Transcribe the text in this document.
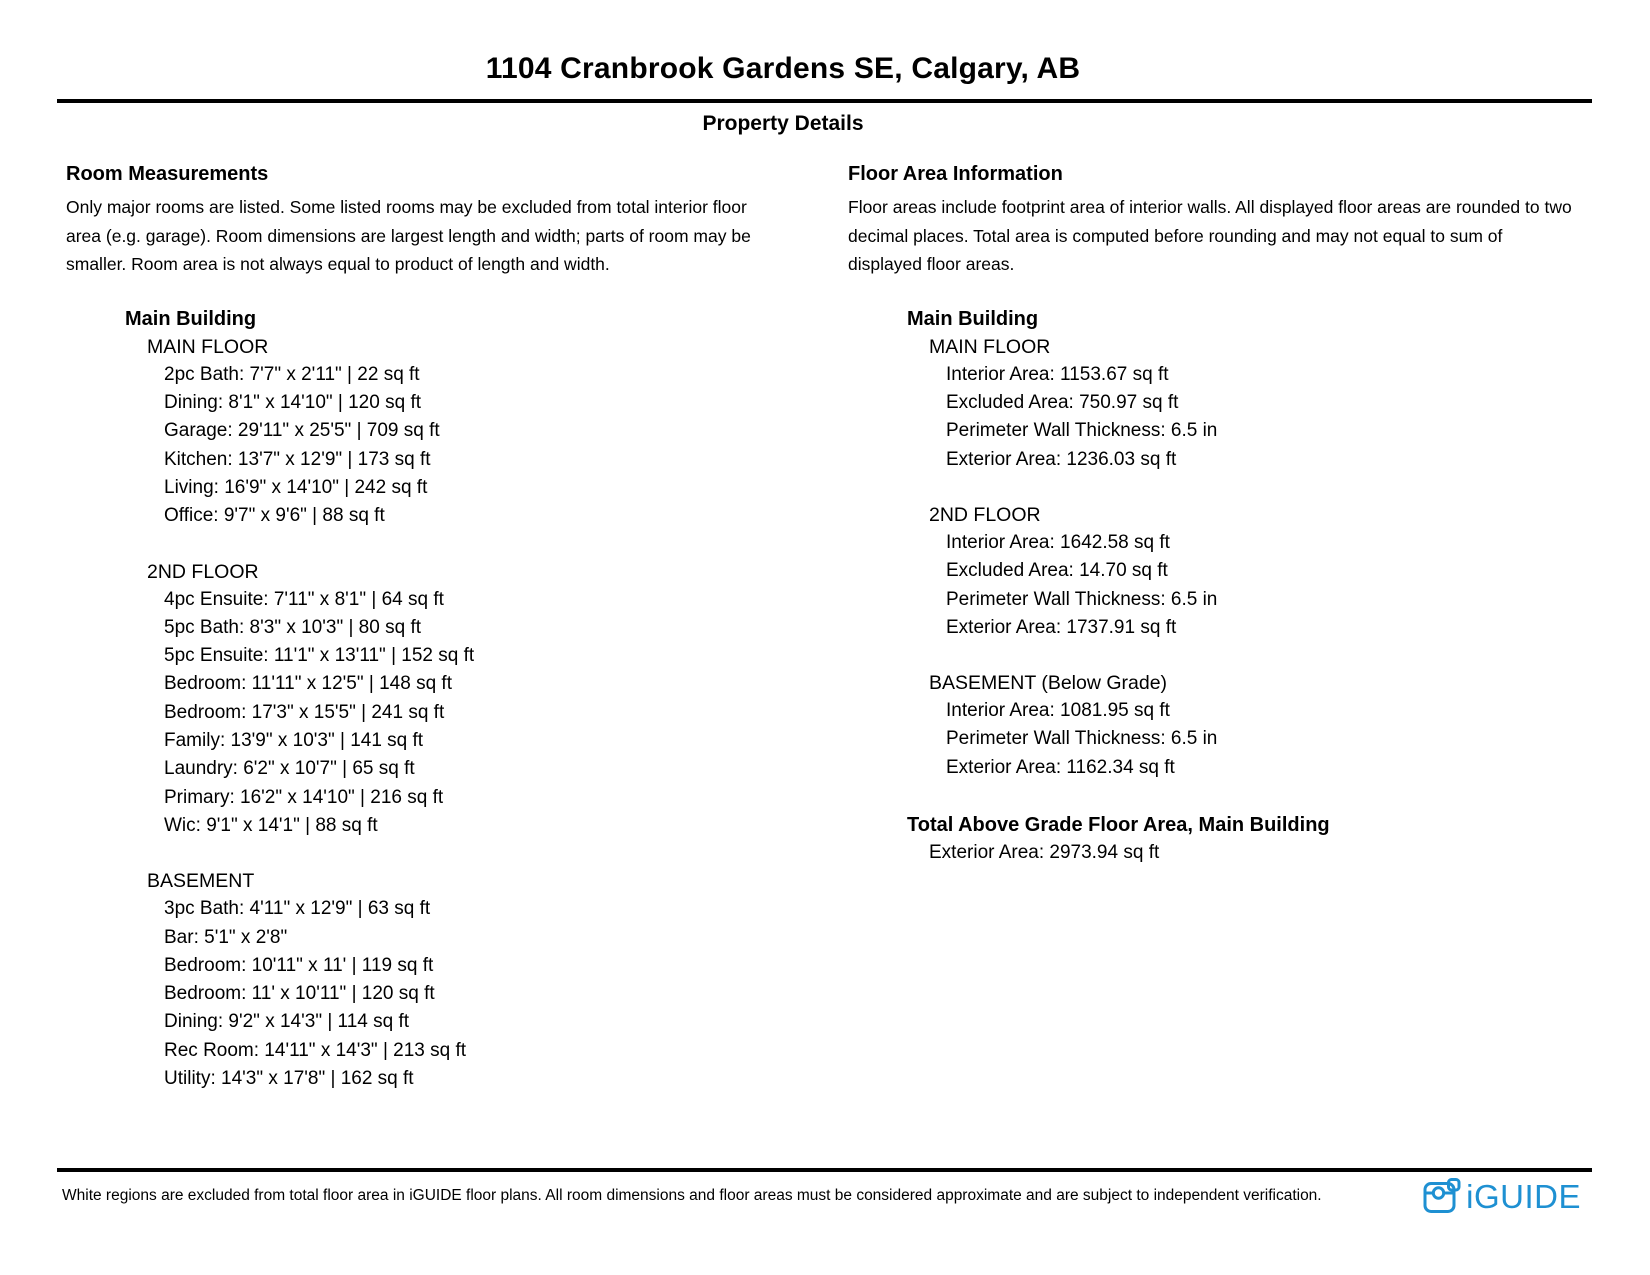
1104 Cranbrook Gardens SE, Calgary, AB
Property Details
Room Measurements

Only major rooms are listed. Some listed rooms may be excluded from total interior floor area (e.g. garage). Room dimensions are largest length and width; parts of room may be smaller. Room area is not always equal to product of length and width.

Main Building
MAIN FLOOR
2pc Bath: 7'7" x 2'11" | 22 sq ft
Dining: 8'1" x 14'10" | 120 sq ft
Garage: 29'11" x 25'5" | 709 sq ft
Kitchen: 13'7" x 12'9" | 173 sq ft
Living: 16'9" x 14'10" | 242 sq ft
Office: 9'7" x 9'6" | 88 sq ft
2ND FLOOR
4pc Ensuite: 7'11" x 8'1" | 64 sq ft
5pc Bath: 8'3" x 10'3" | 80 sq ft
5pc Ensuite: 11'1" x 13'11" | 152 sq ft
Bedroom: 11'11" x 12'5" | 148 sq ft
Bedroom: 17'3" x 15'5" | 241 sq ft
Family: 13'9" x 10'3" | 141 sq ft
Laundry: 6'2" x 10'7" | 65 sq ft
Primary: 16'2" x 14'10" | 216 sq ft
Wic: 9'1" x 14'1" | 88 sq ft
BASEMENT
3pc Bath: 4'11" x 12'9" | 63 sq ft
Bar: 5'1" x 2'8"
Bedroom: 10'11" x 11' | 119 sq ft
Bedroom: 11' x 10'11" | 120 sq ft
Dining: 9'2" x 14'3" | 114 sq ft
Rec Room: 14'11" x 14'3" | 213 sq ft
Utility: 14'3" x 17'8" | 162 sq ft
Floor Area Information

Floor areas include footprint area of interior walls. All displayed floor areas are rounded to two decimal places. Total area is computed before rounding and may not equal to sum of displayed floor areas.

Main Building
MAIN FLOOR
Interior Area: 1153.67 sq ft
Excluded Area: 750.97 sq ft
Perimeter Wall Thickness: 6.5 in
Exterior Area: 1236.03 sq ft
2ND FLOOR
Interior Area: 1642.58 sq ft
Excluded Area: 14.70 sq ft
Perimeter Wall Thickness: 6.5 in
Exterior Area: 1737.91 sq ft
BASEMENT (Below Grade)
Interior Area: 1081.95 sq ft
Perimeter Wall Thickness: 6.5 in
Exterior Area: 1162.34 sq ft
Total Above Grade Floor Area, Main Building
Exterior Area: 2973.94 sq ft

White regions are excluded from total floor area in iGUIDE floor plans. All room dimensions and floor areas must be considered approximate and are subject to independent verification.	iGUIDE
